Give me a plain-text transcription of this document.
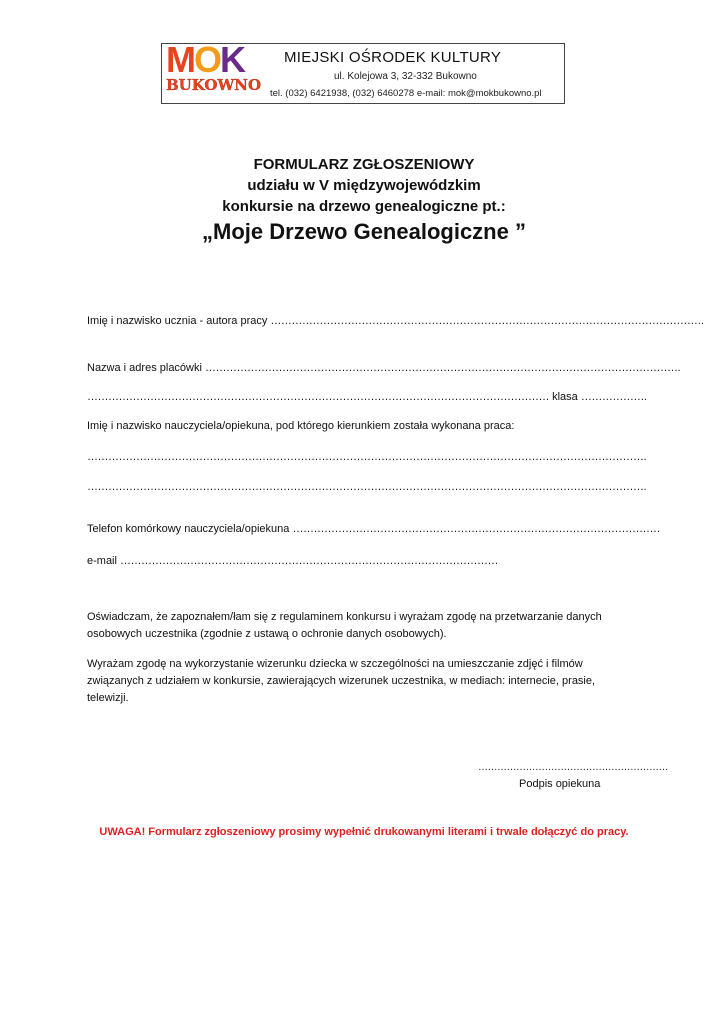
MOK
BUKOWNO
MIEJSKI OŚRODEK KULTURY
ul. Kolejowa 3, 32-332 Bukowno
tel. (032) 6421938, (032) 6460278 e-mail: mok@mokbukowno.pl
FORMULARZ ZGŁOSZENIOWY
udziału w V międzywojewódzkim
konkursie na drzewo genealogiczne pt.:
„Moje Drzewo Genealogiczne ”
Imię i nazwisko ucznia - autora pracy …………………………………………………………………………………………………………….
Nazwa i adres placówki ……………………………………………………………………………………………………………………….
…………………………………………………………………………………………………………………… klasa ……………….
Imię i nazwisko nauczyciela/opiekuna, pod którego kierunkiem została wykonana praca:
…………………………………………………………………………………………………………………………………………….
…………………………………………………………………………………………………………………………………………….
Telefon komórkowy nauczyciela/opiekuna ……………………………………………………………………………………………
e-mail ………………………………………………………………………………………………
Oświadczam, że zapoznałem/łam się z regulaminem konkursu i wyrażam zgodę na przetwarzanie danych osobowych uczestnika (zgodnie z ustawą o ochronie danych osobowych).
Wyrażam zgodę na wykorzystanie wizerunku dziecka w szczególności na umieszczanie zdjęć i filmów związanych z udziałem w konkursie, zawierających wizerunek uczestnika, w mediach: internecie, prasie, telewizji.
……………………………………………………
Podpis opiekuna
UWAGA! Formularz zgłoszeniowy prosimy wypełnić drukowanymi literami i trwale dołączyć do pracy.
